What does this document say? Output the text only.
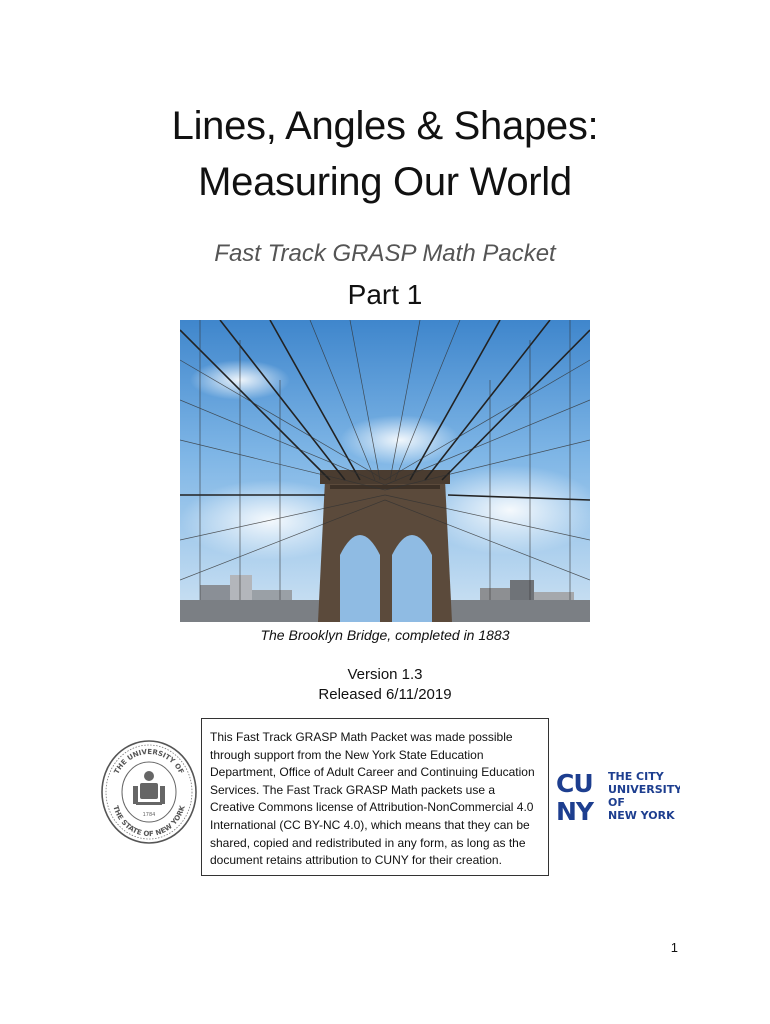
Lines, Angles & Shapes:
Measuring Our World
Fast Track GRASP Math Packet
Part 1
The Brooklyn Bridge, completed in 1883
Version 1.3
Released 6/11/2019
THE UNIVERSITY OF
THE STATE OF NEW YORK
1784
This Fast Track GRASP Math Packet was made possible through support from the New York State Education Department, Office of Adult Career and Continuing Education Services. The Fast Track GRASP Math packets use a Creative Commons license of Attribution-NonCommercial 4.0 International (CC BY-NC 4.0), which means that they can be shared, copied and redistributed in any form, as long as the document retains attribution to CUNY for their creation.
CU
NY
THE CITY
UNIVERSITY
OF
NEW YORK
1
